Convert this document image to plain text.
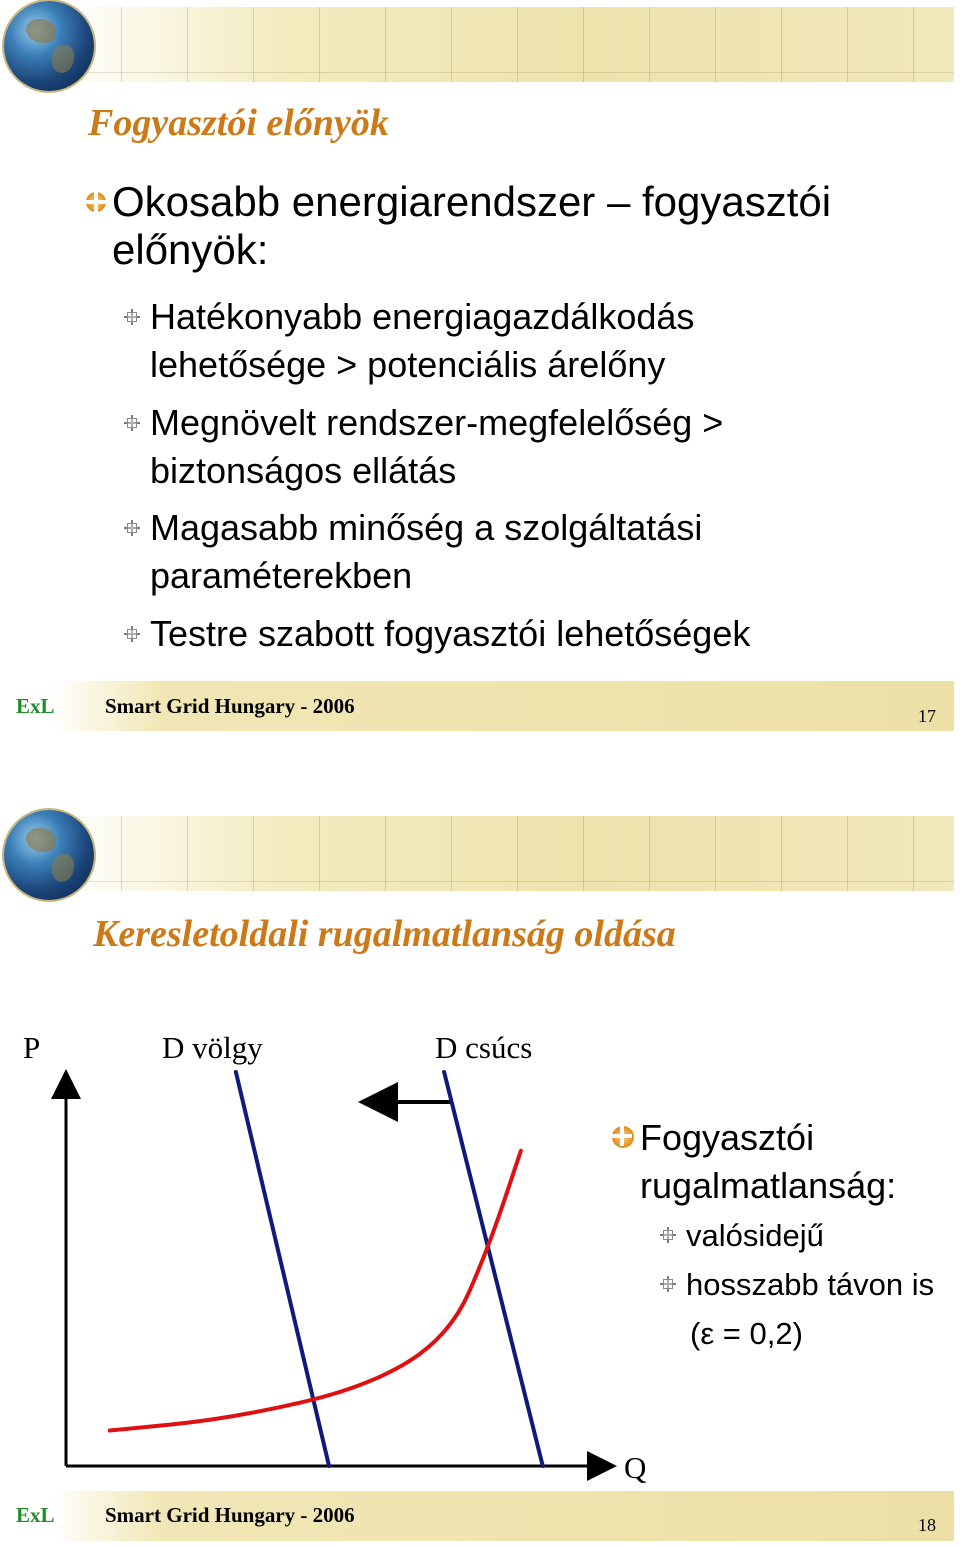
Fogyasztói előnyök
Okosabb energiarendszer – fogyasztói
előnyök:
Hatékonyabb energiagazdálkodás
lehetősége > potenciális árelőny
Megnövelt rendszer-megfelelőség >
biztonságos ellátás
Magasabb minőség a szolgáltatási
paraméterekben
Testre szabott fogyasztói lehetőségek
ExL Smart Grid Hungary - 2006	17
Keresletoldali rugalmatlanság oldása
P	D völgy	D csúcs
Q
Fogyasztói
rugalmatlanság:
valósidejű
hosszabb távon is
(ε = 0,2)
ExL Smart Grid Hungary - 2006	18
